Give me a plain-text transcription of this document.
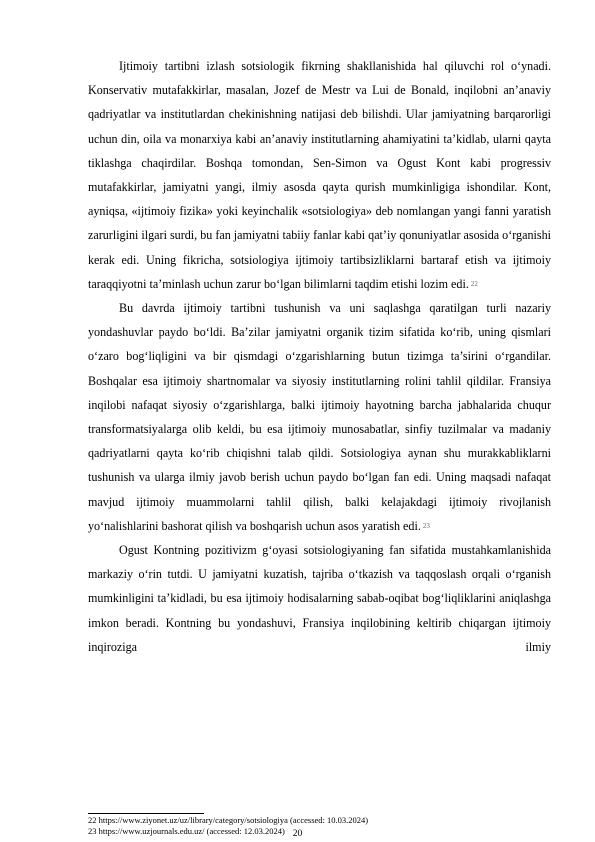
Ijtimoiy tartibni izlash sotsiologik fikrning shakllanishida hal qiluvchi rol o‘ynadi. Konservativ mutafakkirlar, masalan, Jozef de Mestr va Lui de Bonald, inqilobni an’anaviy qadriyatlar va institutlardan chekinishning natijasi deb bilishdi. Ular jamiyatning barqarorligi uchun din, oila va monarxiya kabi an’anaviy institutlarning ahamiyatini ta’kidlab, ularni qayta tiklashga chaqirdilar. Boshqa tomondan, Sen-Simon va Ogust Kont kabi progressiv mutafakkirlar, jamiyatni yangi, ilmiy asosda qayta qurish mumkinligiga ishondilar. Kont, ayniqsa, «ijtimoiy fizika» yoki keyinchalik «sotsiologiya» deb nomlangan yangi fanni yaratish zarurligini ilgari surdi, bu fan jamiyatni tabiiy fanlar kabi qat’iy qonuniyatlar asosida o‘rganishi kerak edi. Uning fikricha, sotsiologiya ijtimoiy tartibsizliklarni bartaraf etish va ijtimoiy taraqqiyotni ta’minlash uchun zarur bo‘lgan bilimlarni taqdim etishi lozim edi. 22

Bu davrda ijtimoiy tartibni tushunish va uni saqlashga qaratilgan turli nazariy yondashuvlar paydo bo‘ldi. Ba’zilar jamiyatni organik tizim sifatida ko‘rib, uning qismlari o‘zaro bog‘liqligini va bir qismdagi o‘zgarishlarning butun tizimga ta’sirini o‘rgandilar. Boshqalar esa ijtimoiy shartnomalar va siyosiy institutlarning rolini tahlil qildilar. Fransiya inqilobi nafaqat siyosiy o‘zgarishlarga, balki ijtimoiy hayotning barcha jabhalarida chuqur transformatsiyalarga olib keldi, bu esa ijtimoiy munosabatlar, sinfiy tuzilmalar va madaniy qadriyatlarni qayta ko‘rib chiqishni talab qildi. Sotsiologiya aynan shu murakkabliklarni tushunish va ularga ilmiy javob berish uchun paydo bo‘lgan fan edi. Uning maqsadi nafaqat mavjud ijtimoiy muammolarni tahlil qilish, balki kelajakdagi ijtimoiy rivojlanish yo‘nalishlarini bashorat qilish va boshqarish uchun asos yaratish edi. 23

Ogust Kontning pozitivizm g‘oyasi sotsiologiyaning fan sifatida mustahkamlanishida markaziy o‘rin tutdi. U jamiyatni kuzatish, tajriba o‘tkazish va taqqoslash orqali o‘rganish mumkinligini ta’kidladi, bu esa ijtimoiy hodisalarning sabab-oqibat bog‘liqliklarini aniqlashga imkon beradi. Kontning bu yondashuvi, Fransiya inqilobining keltirib chiqargan ijtimoiy inqiroziga ilmiy

22 https://www.ziyonet.uz/uz/library/category/sotsiologiya (accessed: 10.03.2024)
23 https://www.uzjournals.edu.uz/ (accessed: 12.03.2024) 20
